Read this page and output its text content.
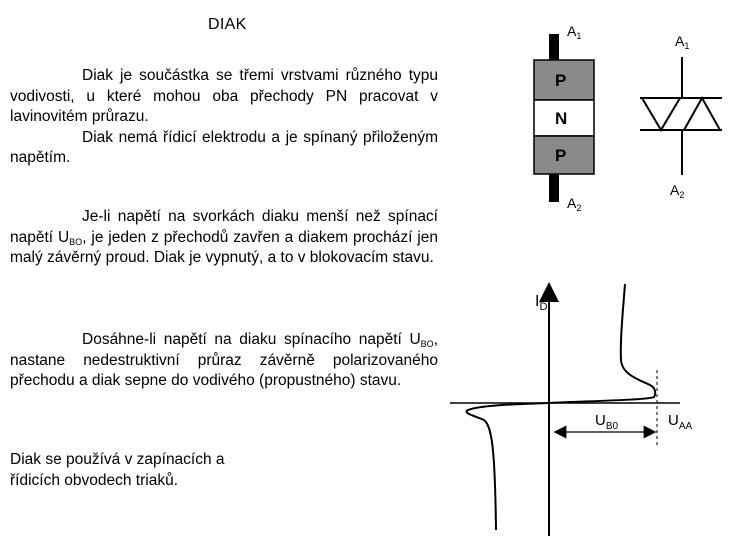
DIAK

Diak je součástka se třemi vrstvami různého typu vodivosti, u které mohou oba přechody PN pracovat v lavinovitém průrazu.

Diak nemá řídicí elektrodu a je spínaný přiloženým napětím.

Je-li napětí na svorkách diaku menší než spínací napětí $U_{BO}$, je jeden z přechodů zavřen a diakem prochází jen malý závěrný proud. Diak je vypnutý, a to v blokovacím stavu.

Dosáhne-li napětí na diaku spínacího napětí $U_{BO}$, nastane nedestruktivní průraz závěrně polarizovaného přechodu a diak sepne do vodivého (propustného) stavu.

Diak se používá v zapínacích a řídicích obvodech triaků.

P
N
P
$A_1$
$A_2$
$A_1$
$A_2$
$I_D$
$U_{B0}$	$U_{AA}$
